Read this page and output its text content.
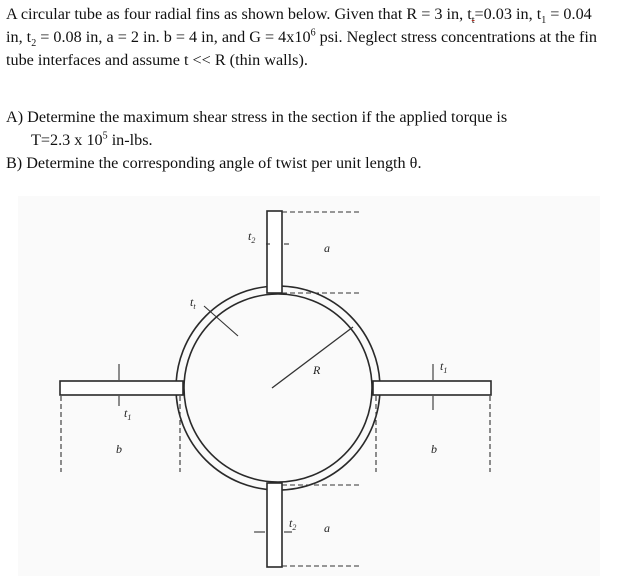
A circular tube as four radial fins as shown below. Given that R = 3 in, $t_t=0.03$ in, $t_1 = 0.04$ in, $t_2 = 0.08$ in, a = 2 in. b = 4 in, and $G = 4x10^6$ psi. Neglect stress concentrations at the fin tube interfaces and assume t << R (thin walls).

A) Determine the maximum shear stress in the section if the applied torque is

T=2.3 x $10^5$ in-lbs.

B) Determine the corresponding angle of twist per unit length θ.

$t_2$
a
$t_t$
R
$t_1$
b
$t_1$
b
$t_2$ a
